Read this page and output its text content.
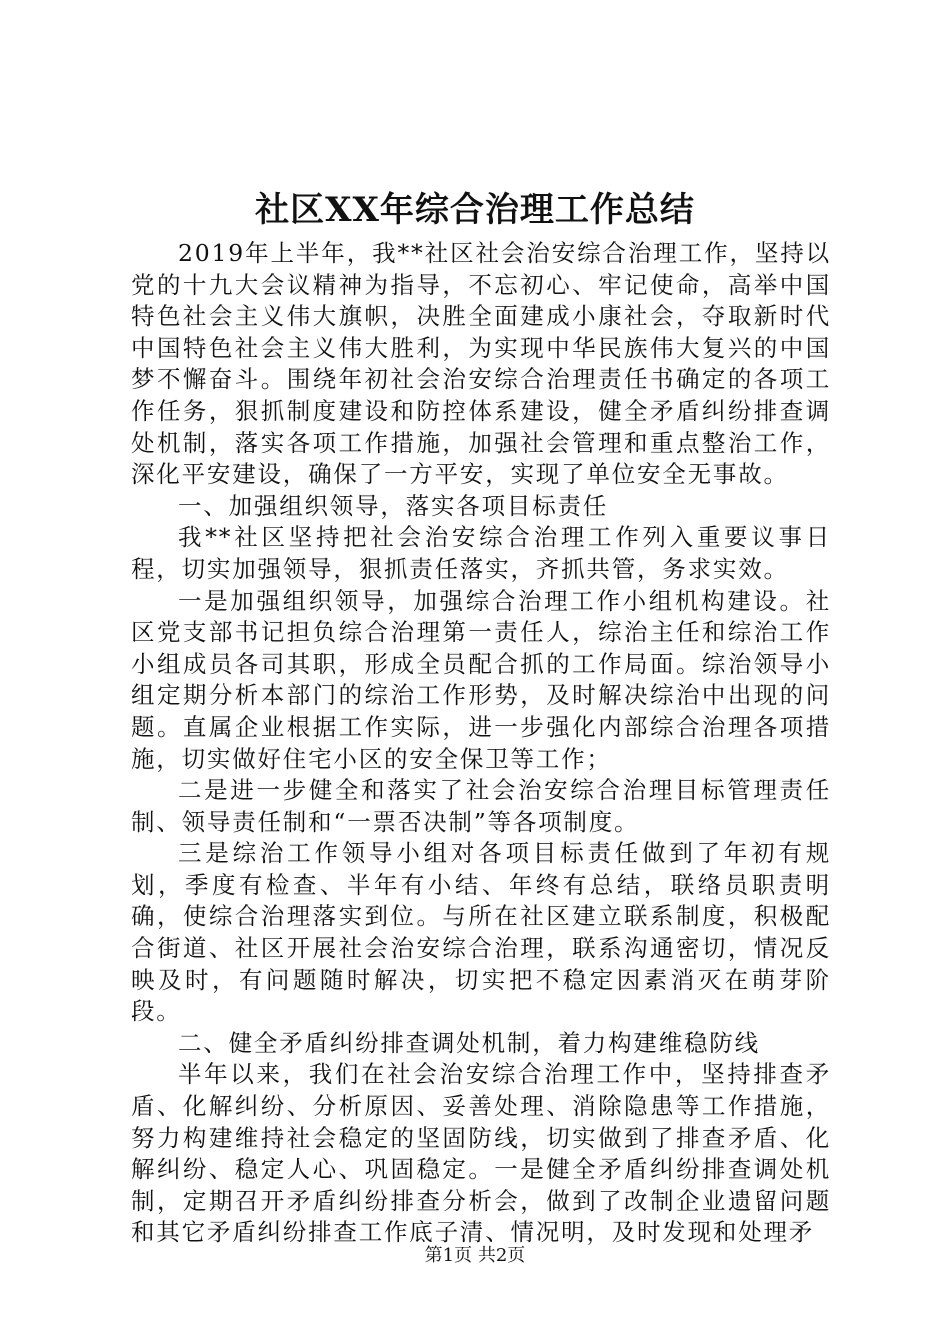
社区XX年综合治理工作总结

2019年上半年，我**社区社会治安综合治理工作，坚持以党的十九大会议精神为指导，不忘初心、牢记使命，高举中国特色社会主义伟大旗帜，决胜全面建成小康社会，夺取新时代中国特色社会主义伟大胜利，为实现中华民族伟大复兴的中国梦不懈奋斗。围绕年初社会治安综合治理责任书确定的各项工作任务，狠抓制度建设和防控体系建设，健全矛盾纠纷排查调处机制，落实各项工作措施，加强社会管理和重点整治工作，深化平安建设，确保了一方平安，实现了单位安全无事故。

一、加强组织领导，落实各项目标责任

我**社区坚持把社会治安综合治理工作列入重要议事日程，切实加强领导，狠抓责任落实，齐抓共管，务求实效。

一是加强组织领导，加强综合治理工作小组机构建设。社区党支部书记担负综合治理第一责任人，综治主任和综治工作小组成员各司其职，形成全员配合抓的工作局面。综治领导小组定期分析本部门的综治工作形势，及时解决综治中出现的问题。直属企业根据工作实际，进一步强化内部综合治理各项措施，切实做好住宅小区的安全保卫等工作；

二是进一步健全和落实了社会治安综合治理目标管理责任制、领导责任制和“一票否决制”等各项制度。

三是综治工作领导小组对各项目标责任做到了年初有规划，季度有检查、半年有小结、年终有总结，联络员职责明确，使综合治理落实到位。与所在社区建立联系制度，积极配合街道、社区开展社会治安综合治理，联系沟通密切，情况反映及时，有问题随时解决，切实把不稳定因素消灭在萌芽阶段。

二、健全矛盾纠纷排查调处机制，着力构建维稳防线

半年以来，我们在社会治安综合治理工作中，坚持排查矛盾、化解纠纷、分析原因、妥善处理、消除隐患等工作措施，努力构建维持社会稳定的坚固防线，切实做到了排查矛盾、化解纠纷、稳定人心、巩固稳定。一是健全矛盾纠纷排查调处机制，定期召开矛盾纠纷排查分析会，做到了改制企业遗留问题和其它矛盾纠纷排查工作底子清、情况明，及时发现和处理矛

第1页 共2页
